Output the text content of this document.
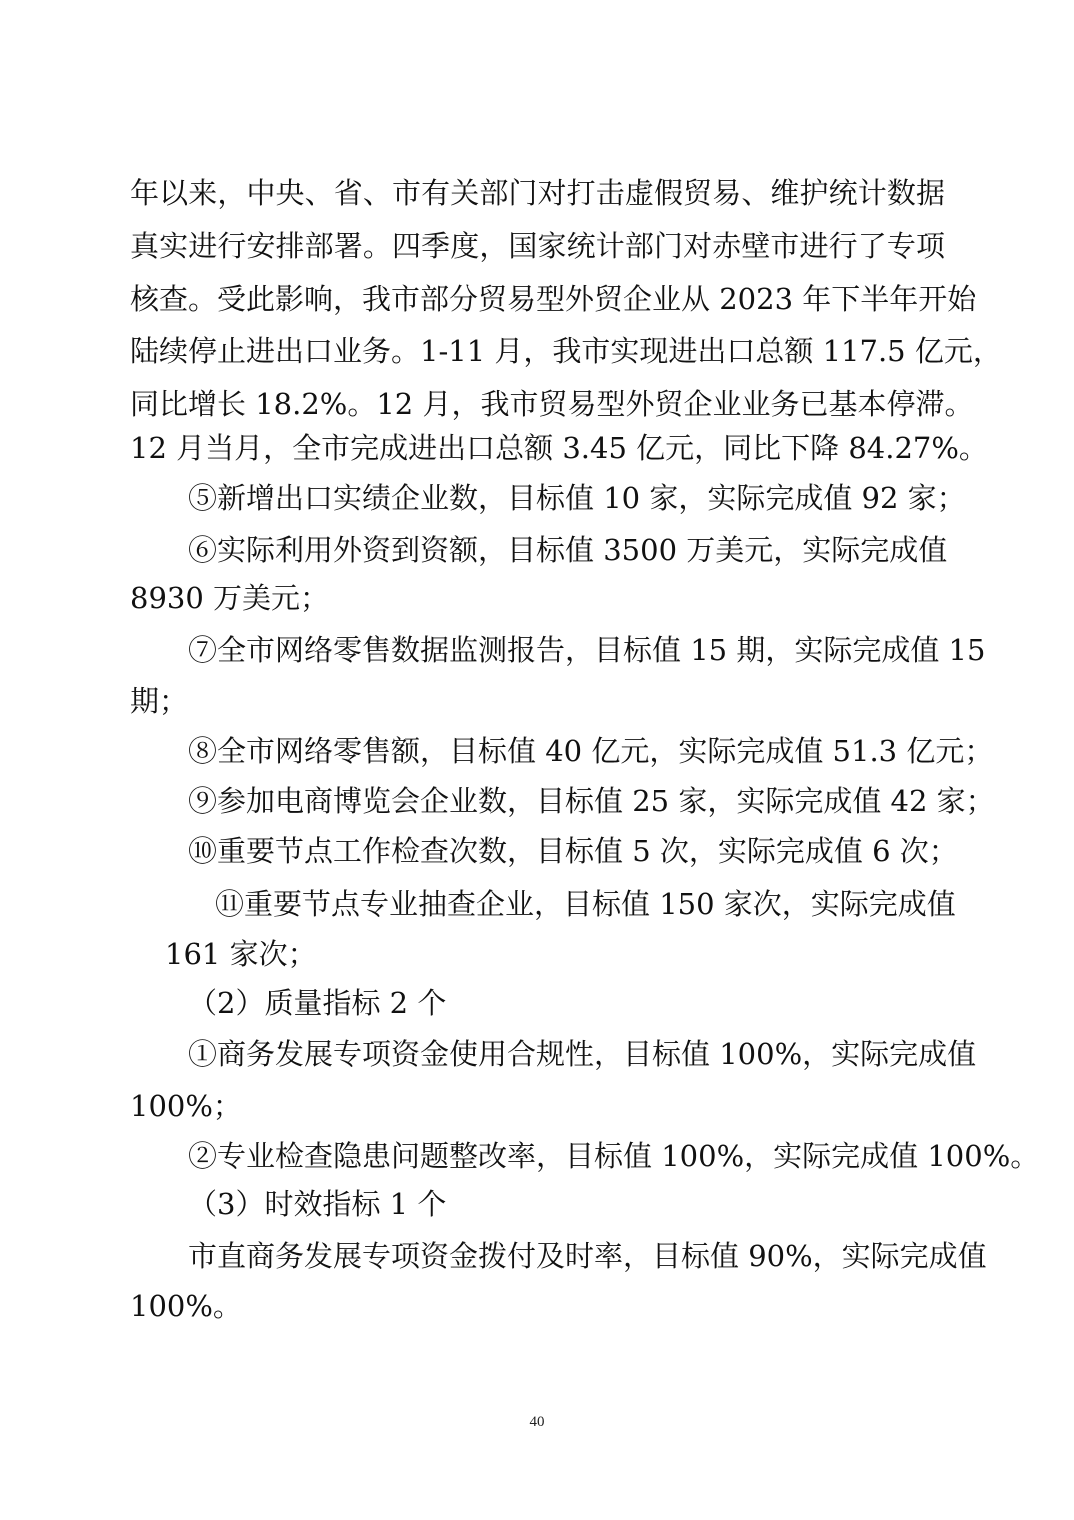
年以来，中央、省、市有关部门对打击虚假贸易、维护统计数据
真实进行安排部署。四季度，国家统计部门对赤壁市进行了专项
核查。受此影响，我市部分贸易型外贸企业从 2023 年下半年开始
陆续停止进出口业务。1-11 月，我市实现进出口总额 117.5 亿元，
同比增长 18.2%。12 月，我市贸易型外贸企业业务已基本停滞。
12 月当月，全市完成进出口总额 3.45 亿元，同比下降 84.27%。
⑤新增出口实绩企业数，目标值 10 家，实际完成值 92 家；
⑥实际利用外资到资额，目标值 3500 万美元，实际完成值
8930 万美元；
⑦全市网络零售数据监测报告，目标值 15 期，实际完成值 15
期；
⑧全市网络零售额，目标值 40 亿元，实际完成值 51.3 亿元；
⑨参加电商博览会企业数，目标值 25 家，实际完成值 42 家；
⑩重要节点工作检查次数，目标值 5 次，实际完成值 6 次；
⑪重要节点专业抽查企业，目标值 150 家次，实际完成值
161 家次；
（2）质量指标 2 个
①商务发展专项资金使用合规性，目标值 100%，实际完成值
100%；
②专业检查隐患问题整改率，目标值 100%，实际完成值 100%。
（3）时效指标 1 个
市直商务发展专项资金拨付及时率，目标值 90%，实际完成值
100%。
40
